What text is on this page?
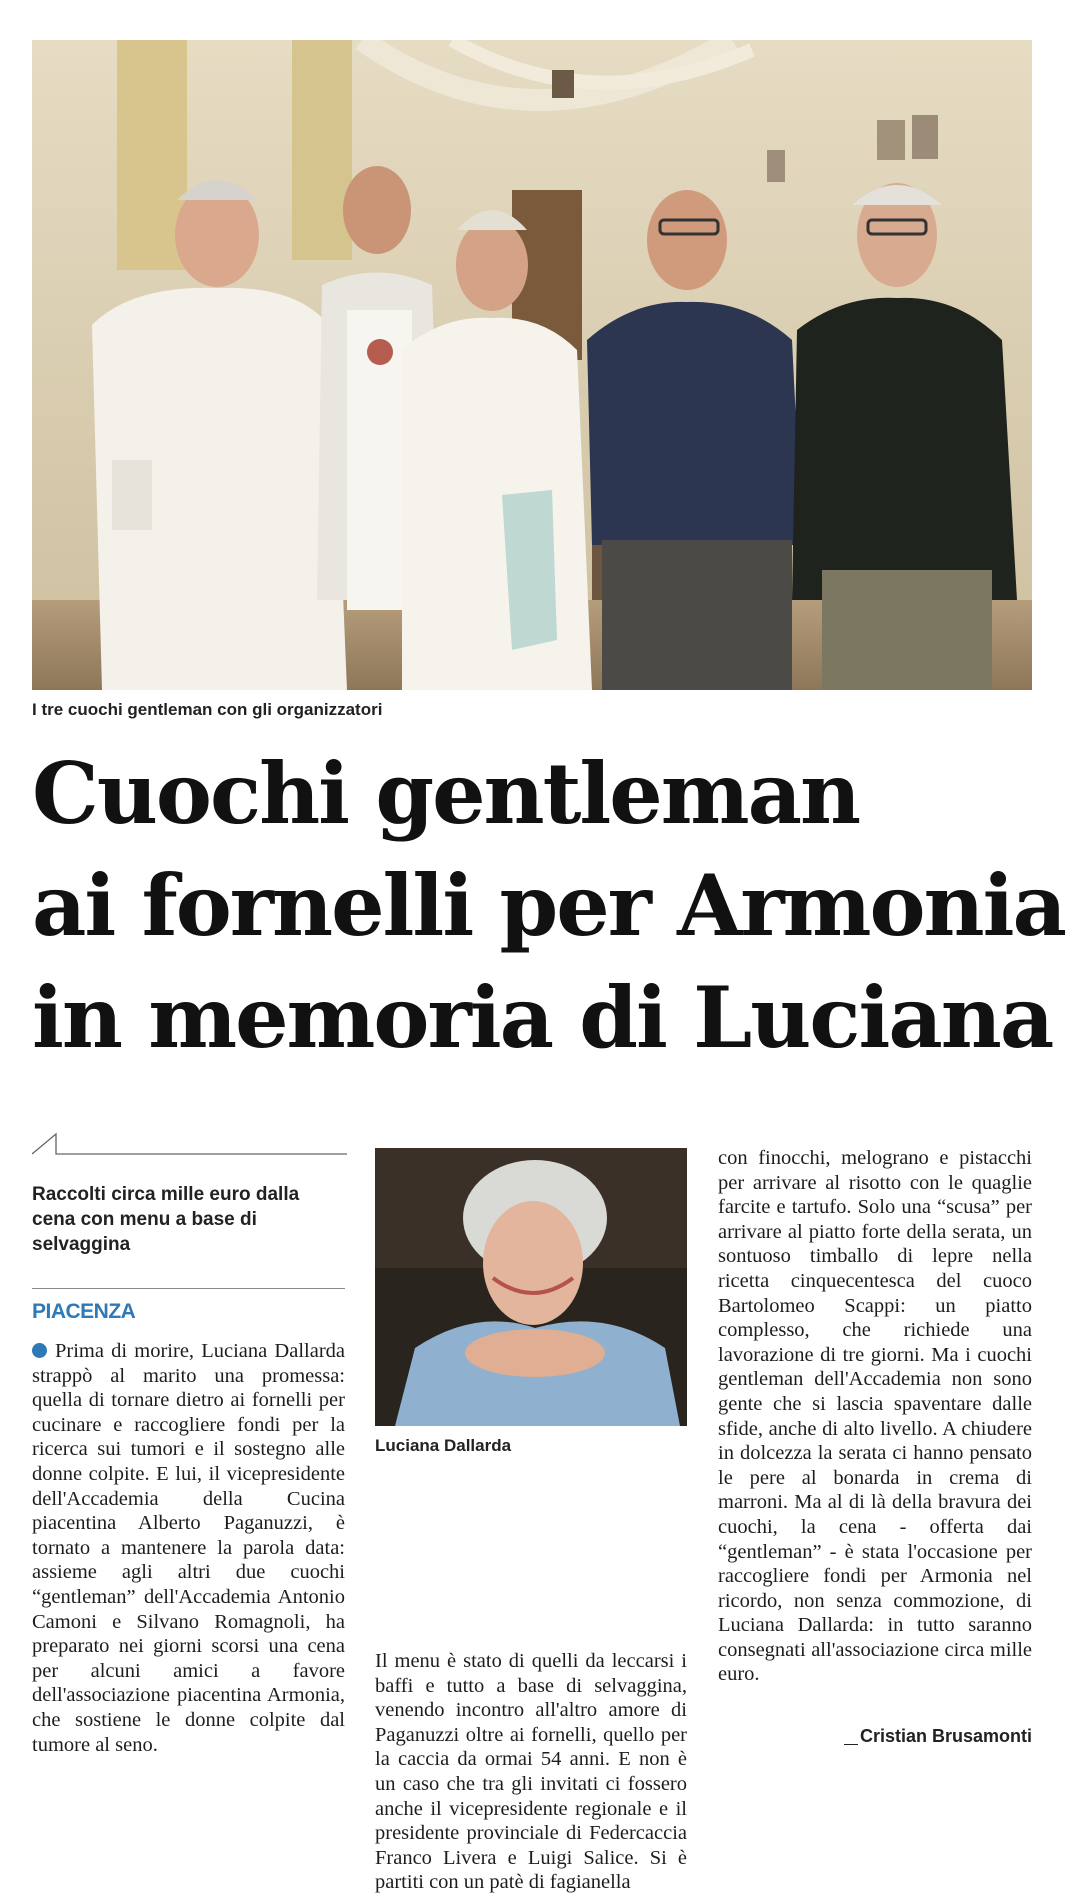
I tre cuochi gentleman con gli organizzatori
Cuochi gentleman
ai fornelli per Armonia
in memoria di Luciana
Raccolti circa mille euro dalla cena con menu a base di selvaggina
PIACENZA

Prima di morire, Luciana Dallarda strappò al marito una promessa: quella di tornare dietro ai fornelli per cucinare e raccogliere fondi per la ricerca sui tumori e il sostegno alle donne colpite. E lui, il vicepresidente dell'Accademia della Cucina piacentina Alberto Paganuzzi, è tornato a mantenere la parola data: assieme agli altri due cuochi “gentleman” dell'Accademia Antonio Camoni e Silvano Romagnoli, ha preparato nei giorni scorsi una cena per alcuni amici a favore dell'associazione piacentina Armonia, che sostiene le donne colpite dal tumore al seno.

Luciana Dallarda

Il menu è stato di quelli da leccarsi i baffi e tutto a base di selvaggina, venendo incontro all'altro amore di Paganuzzi oltre ai fornelli, quello per la caccia da ormai 54 anni. E non è un caso che tra gli invitati ci fossero anche il vicepresidente regionale e il presidente provinciale di Federcaccia Franco Livera e Luigi Salice. Si è partiti con un patè di fagianella

con finocchi, melograno e pistacchi per arrivare al risotto con le quaglie farcite e tartufo. Solo una “scusa” per arrivare al piatto forte della serata, un sontuoso timballo di lepre nella ricetta cinquecentesca del cuoco Bartolomeo Scappi: un piatto complesso, che richiede una lavorazione di tre giorni. Ma i cuochi gentleman dell'Accademia non sono gente che si lascia spaventare dalle sfide, anche di alto livello. A chiudere in dolcezza la serata ci hanno pensato le pere al bonarda in crema di marroni. Ma al di là della bravura dei cuochi, la cena - offerta dai “gentleman” - è stata l'occasione per raccogliere fondi per Armonia nel ricordo, non senza commozione, di Luciana Dallarda: in tutto saranno consegnati all'associazione circa mille euro.

Cristian Brusamonti
